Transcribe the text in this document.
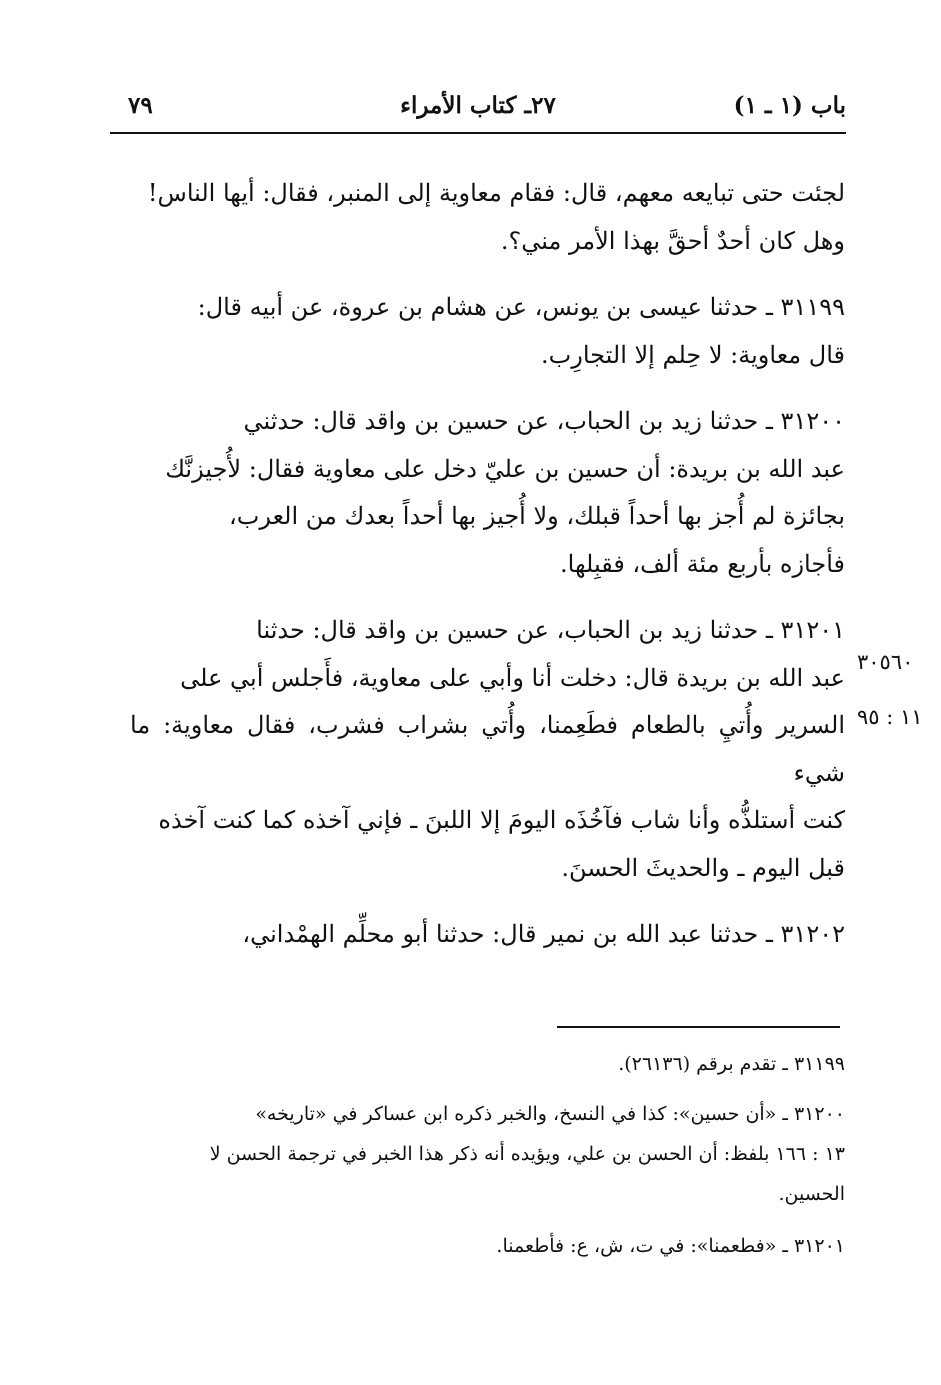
باب (١ ـ ١)
٢٧ـ كتاب الأمراء
٧٩

لجئت حتى تبايعه معهم، قال: فقام معاوية إلى المنبر، فقال: أيها الناس!
وهل كان أحدٌ أحقَّ بهذا الأمر مني؟.

٣١١٩٩ ـ حدثنا عيسى بن يونس، عن هشام بن عروة، عن أبيه قال:
قال معاوية: لا حِلم إلا التجارِب.

٣١٢٠٠ ـ حدثنا زيد بن الحباب، عن حسين بن واقد قال: حدثني
عبد الله بن بريدة: أن حسين بن عليّ دخل على معاوية فقال: لأُجيزنَّك
بجائزة لم أُجز بها أحداً قبلك، ولا أُجيز بها أحداً بعدك من العرب،
فأجازه بأربع مئة ألف، فقبِلها.

٣١٢٠١ ـ حدثنا زيد بن الحباب، عن حسين بن واقد قال: حدثنا
عبد الله بن بريدة قال: دخلت أنا وأبي على معاوية، فأَجلس أبي على
السرير وأُتيِ بالطعام فطَعِمنا، وأُتي بشراب فشرب، فقال معاوية: ما شيء
كنت أستلذُّه وأنا شاب فآخُذَه اليومَ إلا اللبنَ ـ فإني آخذه كما كنت آخذه
قبل اليوم ـ والحديثَ الحسنَ.

٣١٢٠٢ ـ حدثنا عبد الله بن نمير قال: حدثنا أبو محلِّم الهمْداني،

٣٠٥٦٠
١١ : ٩٥

٣١١٩٩ ـ تقدم برقم (٢٦١٣٦).

٣١٢٠٠ ـ «أن حسين»: كذا في النسخ، والخبر ذكره ابن عساكر في «تاريخه»
١٣ : ١٦٦ بلفظ: أن الحسن بن علي، ويؤيده أنه ذكر هذا الخبر في ترجمة الحسن لا
الحسين.

٣١٢٠١ ـ «فطعمنا»: في ت، ش، ع: فأطعمنا.
